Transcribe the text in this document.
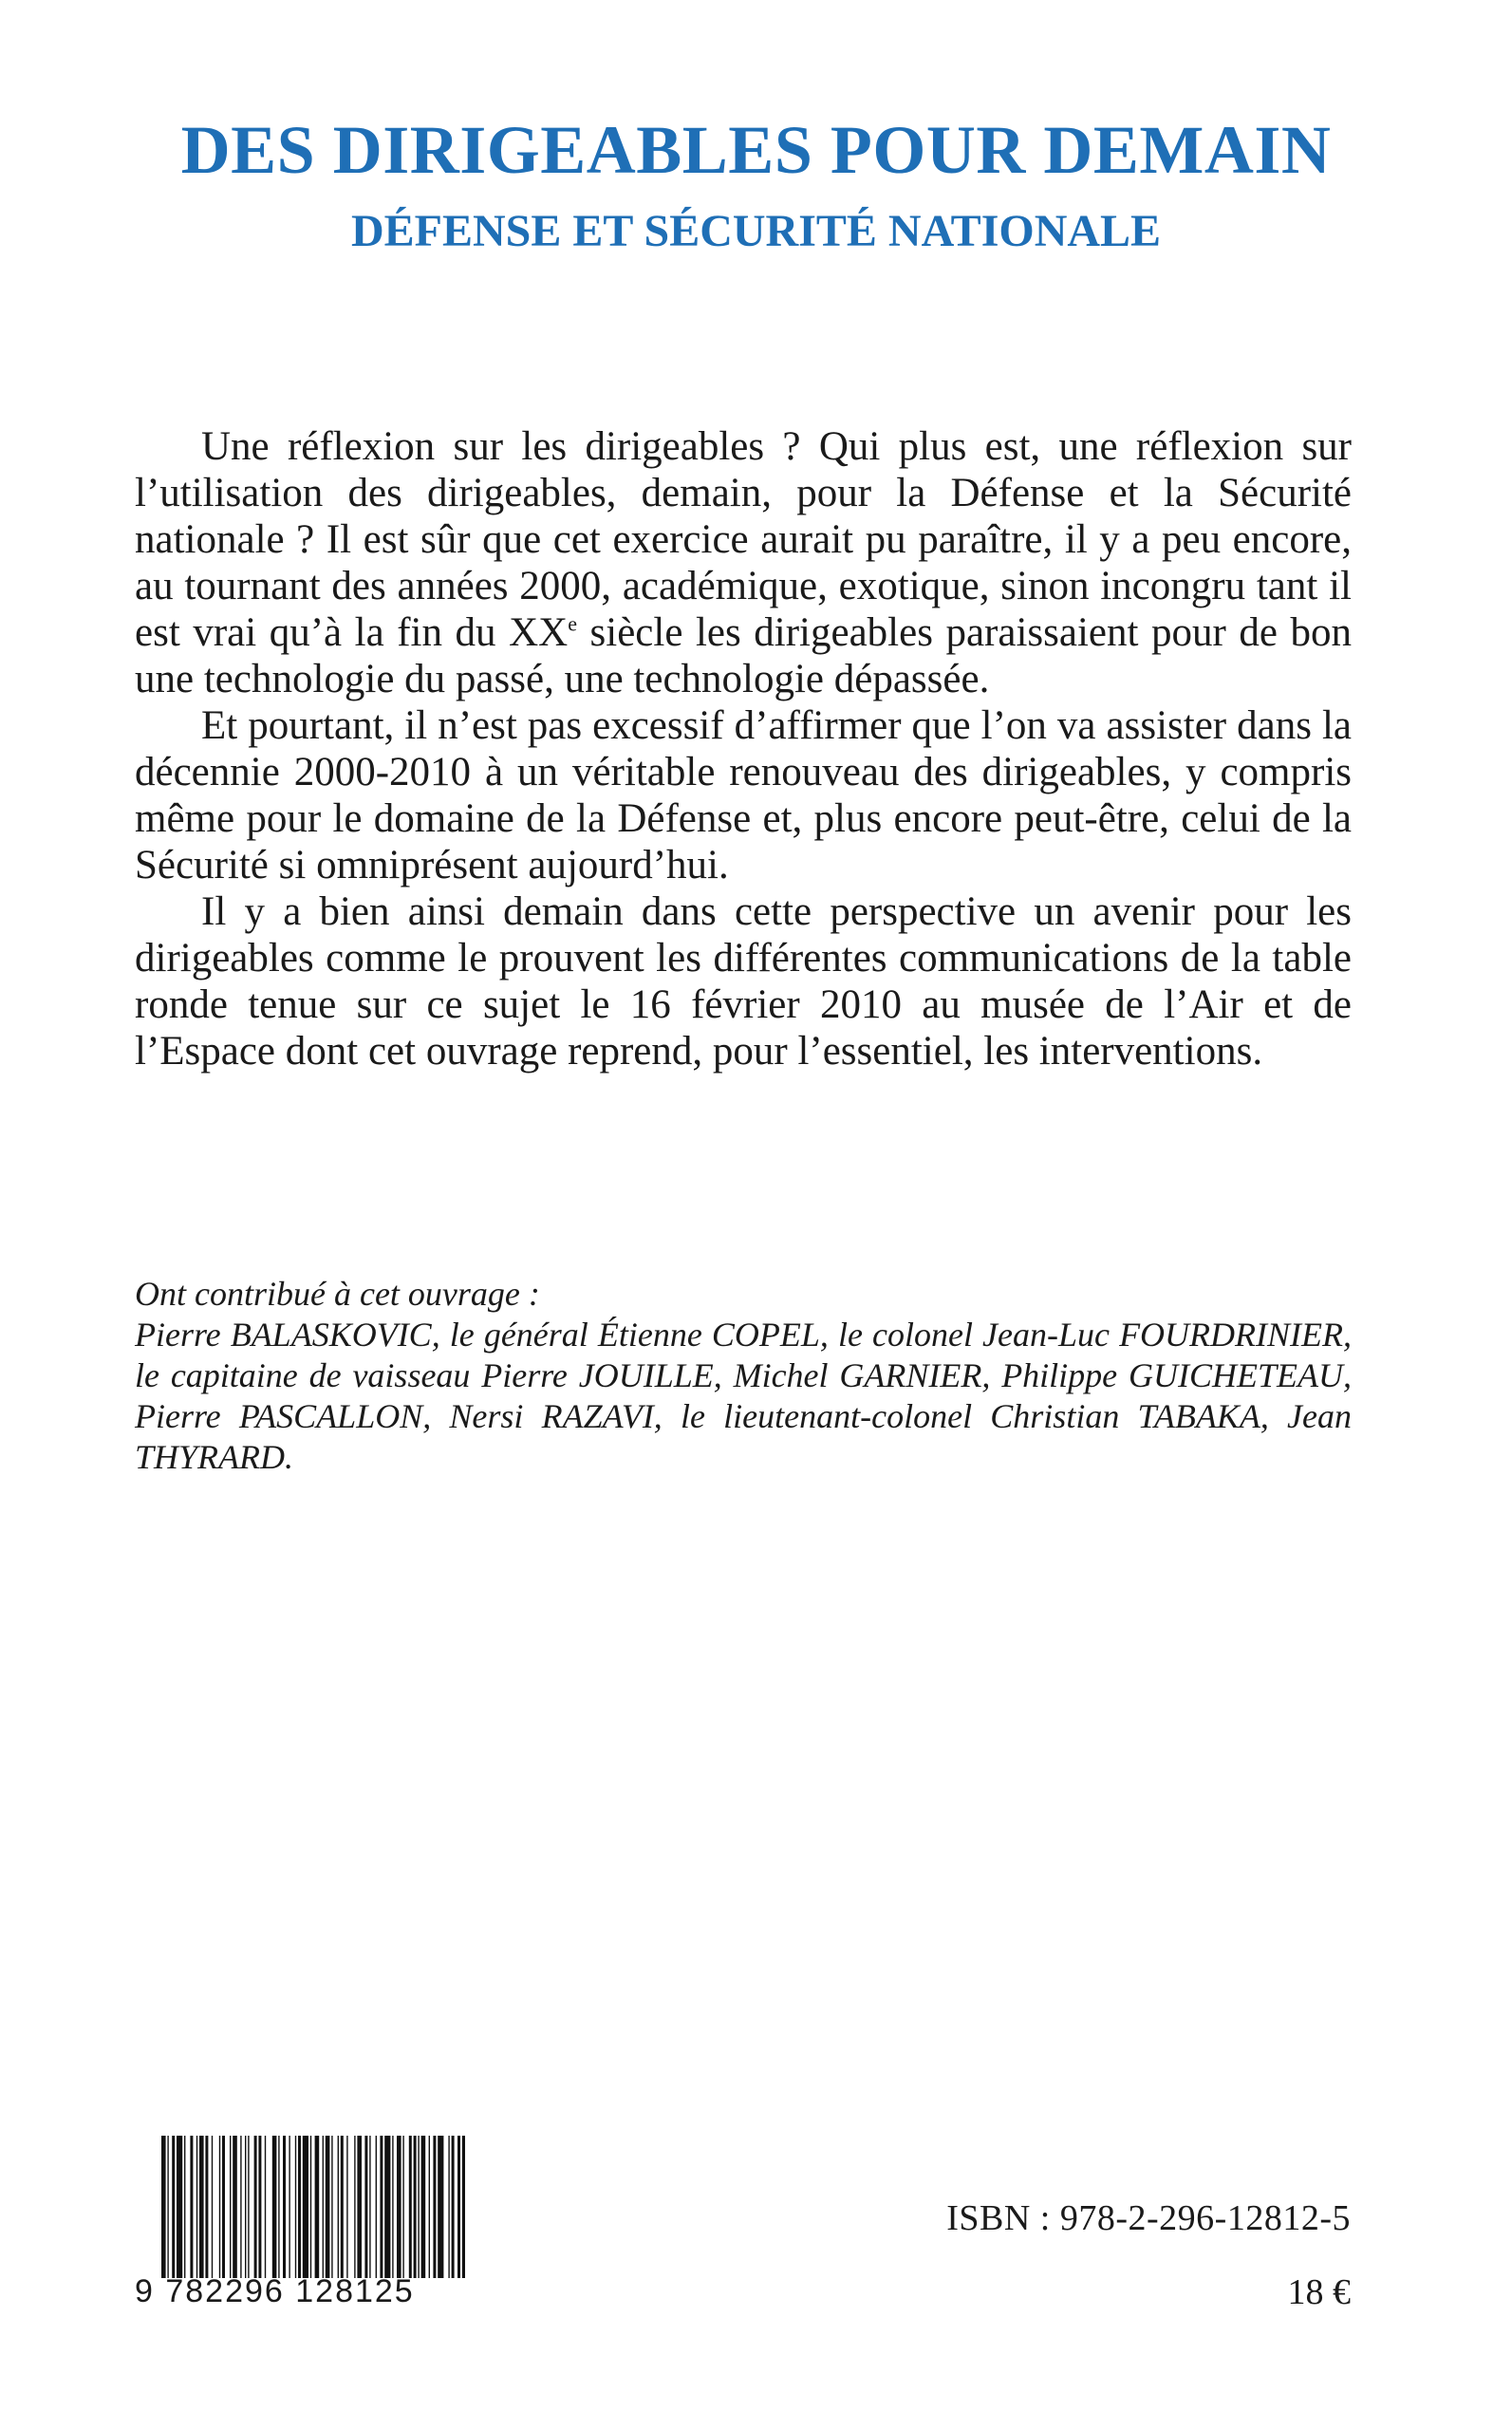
DES DIRIGEABLES POUR DEMAIN
DÉFENSE ET SÉCURITÉ NATIONALE

Une réflexion sur les dirigeables ? Qui plus est, une réflexion sur l’utilisation des dirigeables, demain, pour la Défense et la Sécurité nationale ? Il est sûr que cet exercice aurait pu paraître, il y a peu encore, au tournant des années 2000, académique, exotique, sinon incongru tant il est vrai qu’à la fin du XXe siècle les dirigeables paraissaient pour de bon une technologie du passé, une technologie dépassée.

Et pourtant, il n’est pas excessif d’affirmer que l’on va assister dans la décennie 2000-2010 à un véritable renouveau des dirigeables, y compris même pour le domaine de la Défense et, plus encore peut-être, celui de la Sécurité si omniprésent aujourd’hui.

Il y a bien ainsi demain dans cette perspective un avenir pour les dirigeables comme le prouvent les différentes communications de la table ronde tenue sur ce sujet le 16 février 2010 au musée de l’Air et de l’Espace dont cet ouvrage reprend, pour l’essentiel, les interventions.

Ont contribué à cet ouvrage :

Pierre BALASKOVIC, le général Étienne COPEL, le colonel Jean-Luc FOURDRINIER, le capitaine de vaisseau Pierre JOUILLE, Michel GARNIER, Philippe GUICHETEAU, Pierre PASCALLON, Nersi RAZAVI, le lieutenant-colonel Christian TABAKA, Jean THYRARD.

9 782296 128125
ISBN : 978-2-296-12812-5
18 €
